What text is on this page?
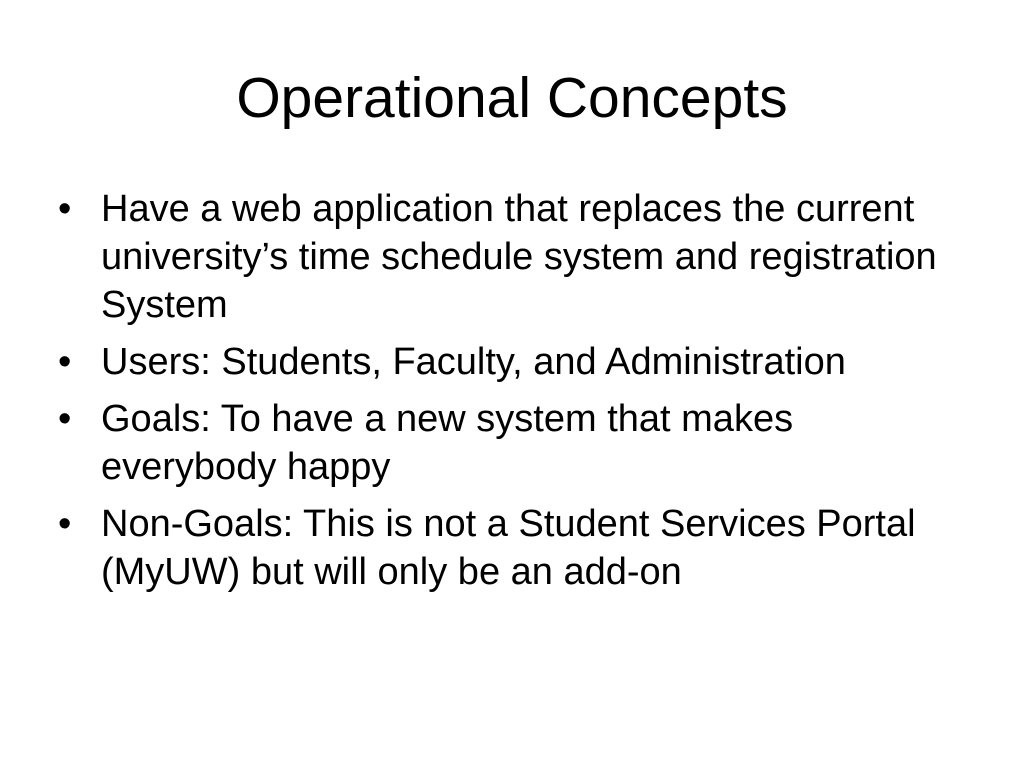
Operational Concepts
• Have a web application that replaces the current university’s time schedule system and registration System
• Users: Students, Faculty, and Administration
• Goals: To have a new system that makes everybody happy
• Non-Goals: This is not a Student Services Portal (MyUW) but will only be an add-on
